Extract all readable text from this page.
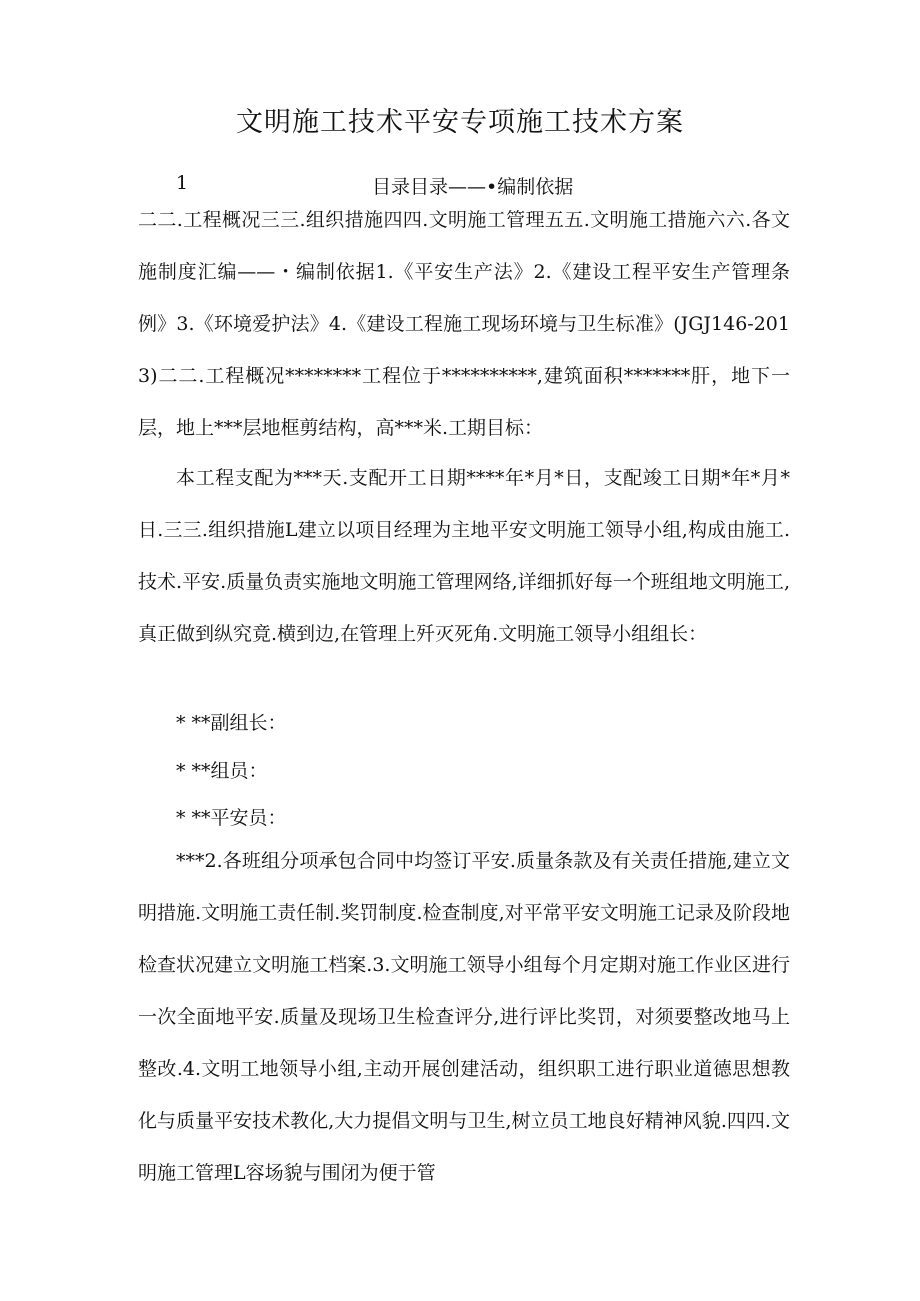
文明施工技术平安专项施工技术方案
1	目录目录——•编制依据

二二.工程概况三三.组织措施四四.文明施工管理五五.文明施工措施六六.各文施制度汇编——・编制依据1.《平安生产法》2.《建设工程平安生产管理条例》3.《环境爱护法》4.《建设工程施工现场环境与卫生标准》(JGJ146-2013)二二.工程概况********工程位于**********,建筑面积*******肝，地下一层，地上***层地框剪结构，高***米.工期目标：

本工程支配为***天.支配开工日期****年*月*日，支配竣工日期*年*月*日.三三.组织措施L建立以项目经理为主地平安文明施工领导小组,构成由施工.技术.平安.质量负责实施地文明施工管理网络,详细抓好每一个班组地文明施工,真正做到纵究竟.横到边,在管理上歼灭死角.文明施工领导小组组长：

* **副组长：
* **组员：
* **平安员：

***2.各班组分项承包合同中均签订平安.质量条款及有关责任措施,建立文明措施.文明施工责任制.奖罚制度.检查制度,对平常平安文明施工记录及阶段地检查状况建立文明施工档案.3.文明施工领导小组每个月定期对施工作业区进行一次全面地平安.质量及现场卫生检查评分,进行评比奖罚，对须要整改地马上整改.4.文明工地领导小组,主动开展创建活动，组织职工进行职业道德思想教化与质量平安技术教化,大力提倡文明与卫生,树立员工地良好精神风貌.四四.文明施工管理L容场貌与围闭为便于管
